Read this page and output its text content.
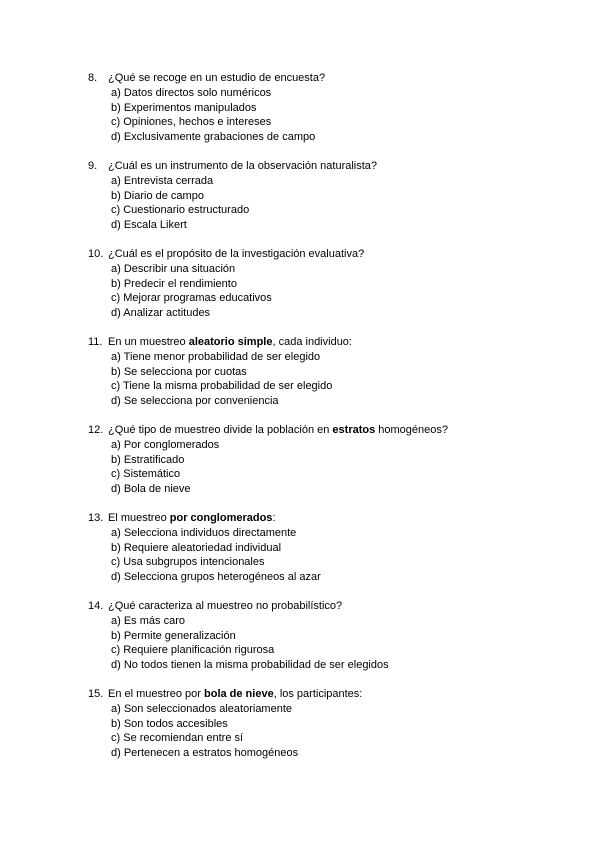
8. ¿Qué se recoge en un estudio de encuesta?
a) Datos directos solo numéricos
b) Experimentos manipulados
c) Opiniones, hechos e intereses
d) Exclusivamente grabaciones de campo
9. ¿Cuál es un instrumento de la observación naturalista?
a) Entrevista cerrada
b) Diario de campo
c) Cuestionario estructurado
d) Escala Likert
10. ¿Cuál es el propósito de la investigación evaluativa?
a) Describir una situación
b) Predecir el rendimiento
c) Mejorar programas educativos
d) Analizar actitudes
11. En un muestreo aleatorio simple, cada individuo:
a) Tiene menor probabilidad de ser elegido
b) Se selecciona por cuotas
c) Tiene la misma probabilidad de ser elegido
d) Se selecciona por conveniencia
12. ¿Qué tipo de muestreo divide la población en estratos homogéneos?
a) Por conglomerados
b) Estratificado
c) Sistemático
d) Bola de nieve
13. El muestreo por conglomerados:
a) Selecciona individuos directamente
b) Requiere aleatoriedad individual
c) Usa subgrupos intencionales
d) Selecciona grupos heterogéneos al azar
14. ¿Qué caracteriza al muestreo no probabilístico?
a) Es más caro
b) Permite generalización
c) Requiere planificación rigurosa
d) No todos tienen la misma probabilidad de ser elegidos
15. En el muestreo por bola de nieve, los participantes:
a) Son seleccionados aleatoriamente
b) Son todos accesibles
c) Se recomiendan entre sí
d) Pertenecen a estratos homogéneos
